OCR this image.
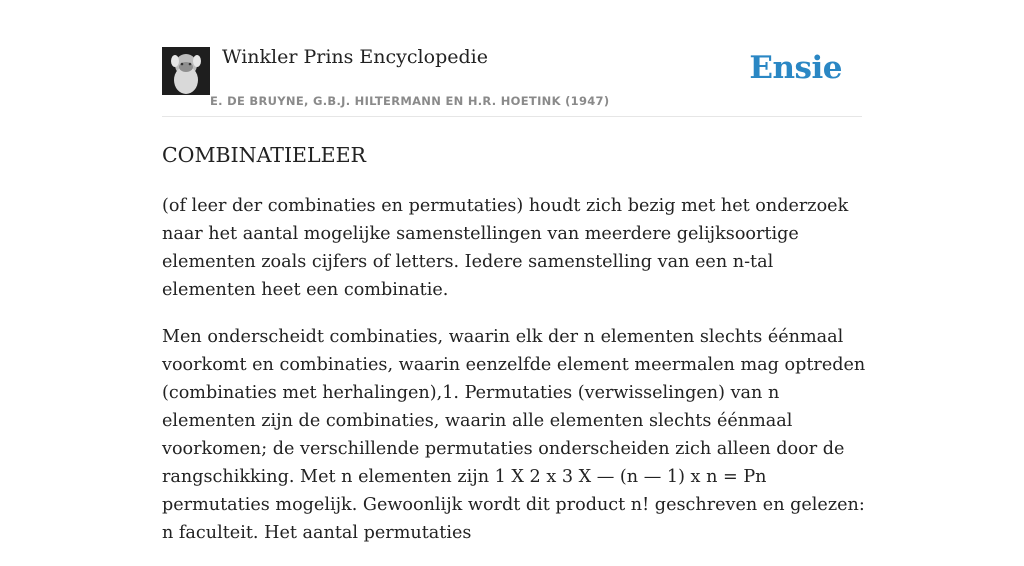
Winkler Prins Encyclopedie
E. DE BRUYNE, G.B.J. HILTERMANN EN H.R. HOETINK (1947)
Ensie
COMBINATIELEER

(of leer der combinaties en permutaties) houdt zich bezig met het onderzoek naar het aantal mogelijke samenstellingen van meerdere gelijksoortige elementen zoals cijfers of letters. Iedere samenstelling van een n-tal elementen heet een combinatie.

Men onderscheidt combinaties, waarin elk der n elementen slechts éénmaal voorkomt en combinaties, waarin eenzelfde element meermalen mag optreden (combinaties met herhalingen),1. Permutaties (verwisselingen) van n elementen zijn de combinaties, waarin alle elementen slechts éénmaal voorkomen; de verschillende permutaties onderscheiden zich alleen door de rangschikking. Met n elementen zijn 1 X 2 x 3 X — (n — 1) x n = Pn permutaties mogelijk. Gewoonlijk wordt dit product n! geschreven en gelezen: n faculteit. Het aantal permutaties
